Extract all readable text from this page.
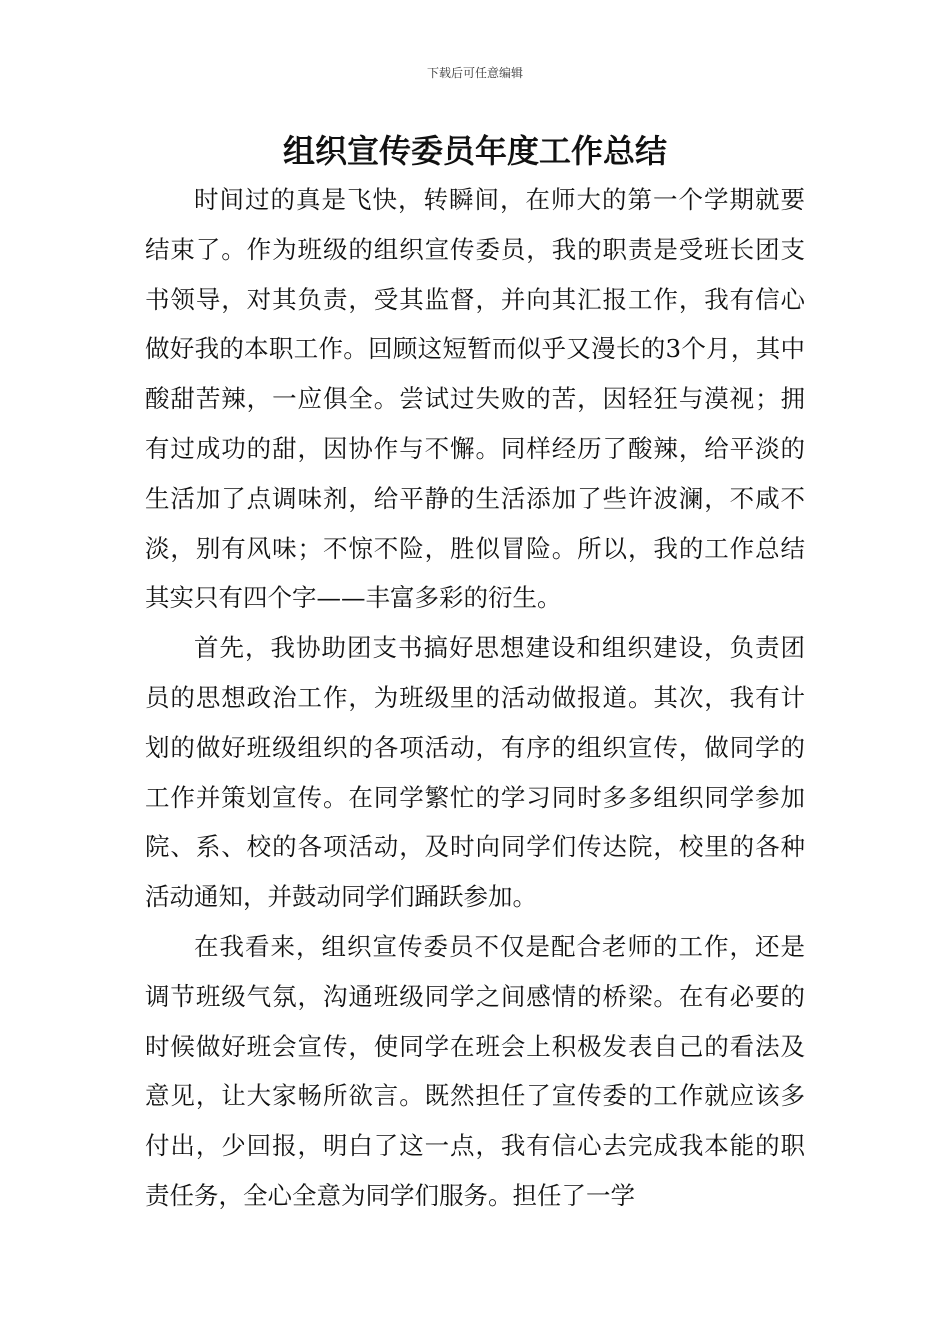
下载后可任意编辑
组织宣传委员年度工作总结

时间过的真是飞快，转瞬间，在师大的第一个学期就要结束了。作为班级的组织宣传委员，我的职责是受班长团支书领导，对其负责，受其监督，并向其汇报工作，我有信心做好我的本职工作。回顾这短暂而似乎又漫长的3个月，其中酸甜苦辣，一应俱全。尝试过失败的苦，因轻狂与漠视；拥有过成功的甜，因协作与不懈。同样经历了酸辣，给平淡的生活加了点调味剂，给平静的生活添加了些许波澜，不咸不淡，别有风味；不惊不险，胜似冒险。所以，我的工作总结其实只有四个字——丰富多彩的衍生。

首先，我协助团支书搞好思想建设和组织建设，负责团员的思想政治工作，为班级里的活动做报道。其次，我有计划的做好班级组织的各项活动，有序的组织宣传，做同学的工作并策划宣传。在同学繁忙的学习同时多多组织同学参加院、系、校的各项活动，及时向同学们传达院，校里的各种活动通知，并鼓动同学们踊跃参加。

在我看来，组织宣传委员不仅是配合老师的工作，还是调节班级气氛，沟通班级同学之间感情的桥梁。在有必要的时候做好班会宣传，使同学在班会上积极发表自己的看法及意见，让大家畅所欲言。既然担任了宣传委的工作就应该多付出，少回报，明白了这一点，我有信心去完成我本能的职责任务，全心全意为同学们服务。担任了一学
